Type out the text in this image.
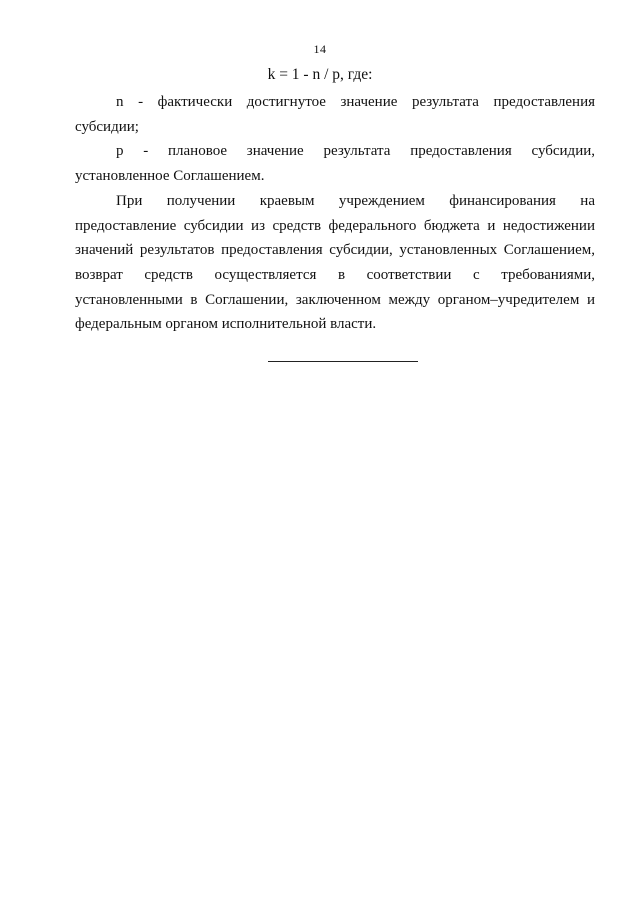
14
k = 1 - n / p, где:
n - фактически достигнутое значение результата предоставления
субсидии;
p - плановое значение результата предоставления субсидии,
установленное Соглашением.
При получении краевым учреждением финансирования на
предоставление субсидии из средств федерального бюджета и недостижении
значений результатов предоставления субсидии, установленных Соглашением,
возврат средств осуществляется в соответствии с требованиями,
установленными в Соглашении, заключенном между органом–учредителем и
федеральным органом исполнительной власти.
